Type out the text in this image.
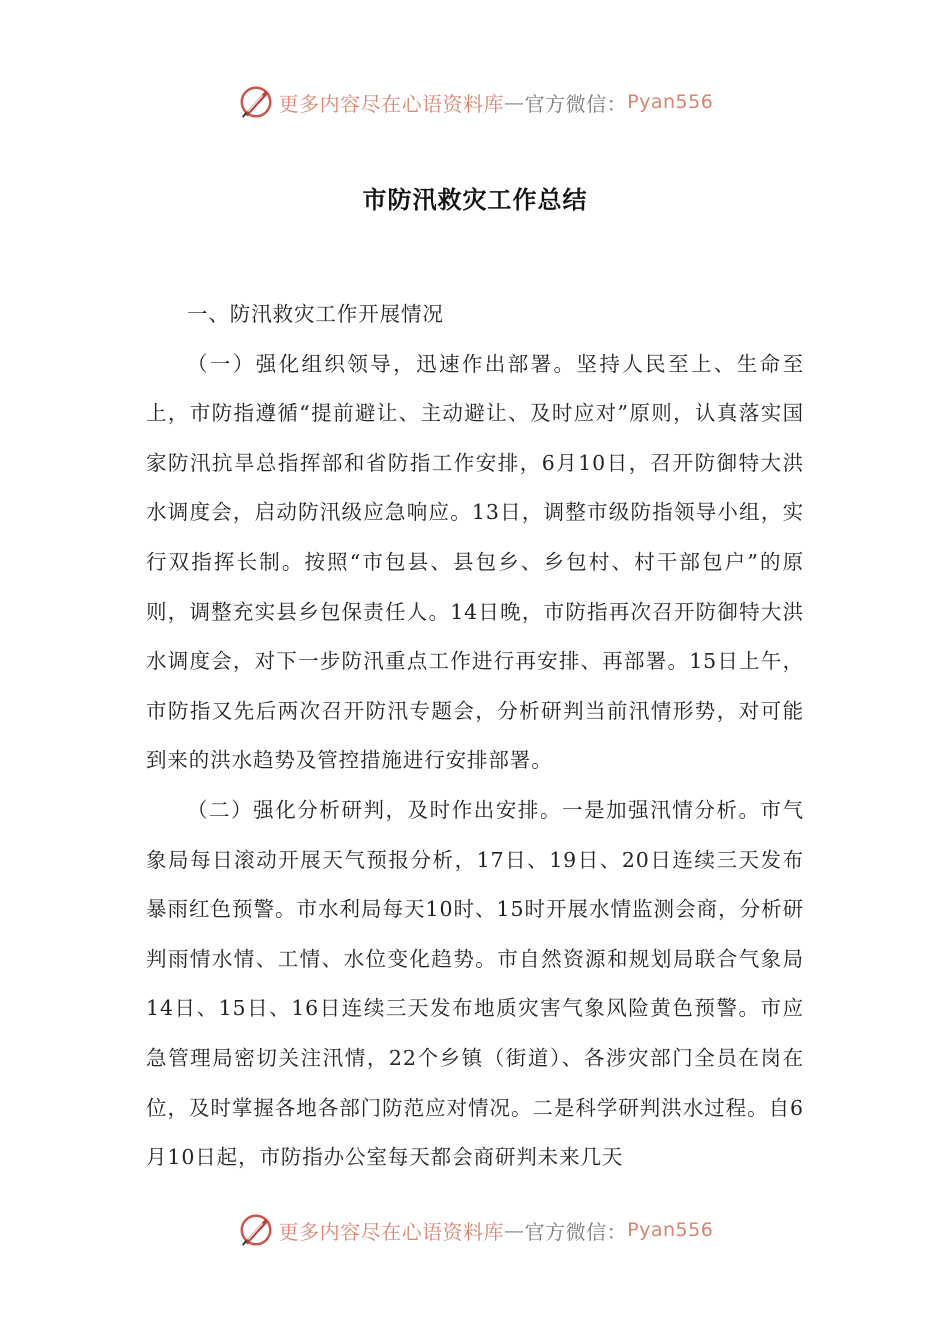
更多内容尽在心语资料库 — 官方微信： Pyan556
市防汛救灾工作总结

一、防汛救灾工作开展情况

（一）强化组织领导，迅速作出部署。坚持人民至上、生命至上，市防指遵循“提前避让、主动避让、及时应对”原则，认真落实国家防汛抗旱总指挥部和省防指工作安排，6月10日，召开防御特大洪水调度会，启动防汛级应急响应。13日，调整市级防指领导小组，实行双指挥长制。按照“市包县、县包乡、乡包村、村干部包户”的原则，调整充实县乡包保责任人。14日晚，市防指再次召开防御特大洪水调度会，对下一步防汛重点工作进行再安排、再部署。15日上午，市防指又先后两次召开防汛专题会，分析研判当前汛情形势，对可能到来的洪水趋势及管控措施进行安排部署。

（二）强化分析研判，及时作出安排。一是加强汛情分析。市气象局每日滚动开展天气预报分析，17日、19日、20日连续三天发布暴雨红色预警。市水利局每天10时、15时开展水情监测会商，分析研判雨情水情、工情、水位变化趋势。市自然资源和规划局联合气象局14日、15日、16日连续三天发布地质灾害气象风险黄色预警。市应急管理局密切关注汛情，22个乡镇（街道）、各涉灾部门全员在岗在位，及时掌握各地各部门防范应对情况。二是科学研判洪水过程。自6月10日起，市防指办公室每天都会商研判未来几天

更多内容尽在心语资料库 — 官方微信： Pyan556
